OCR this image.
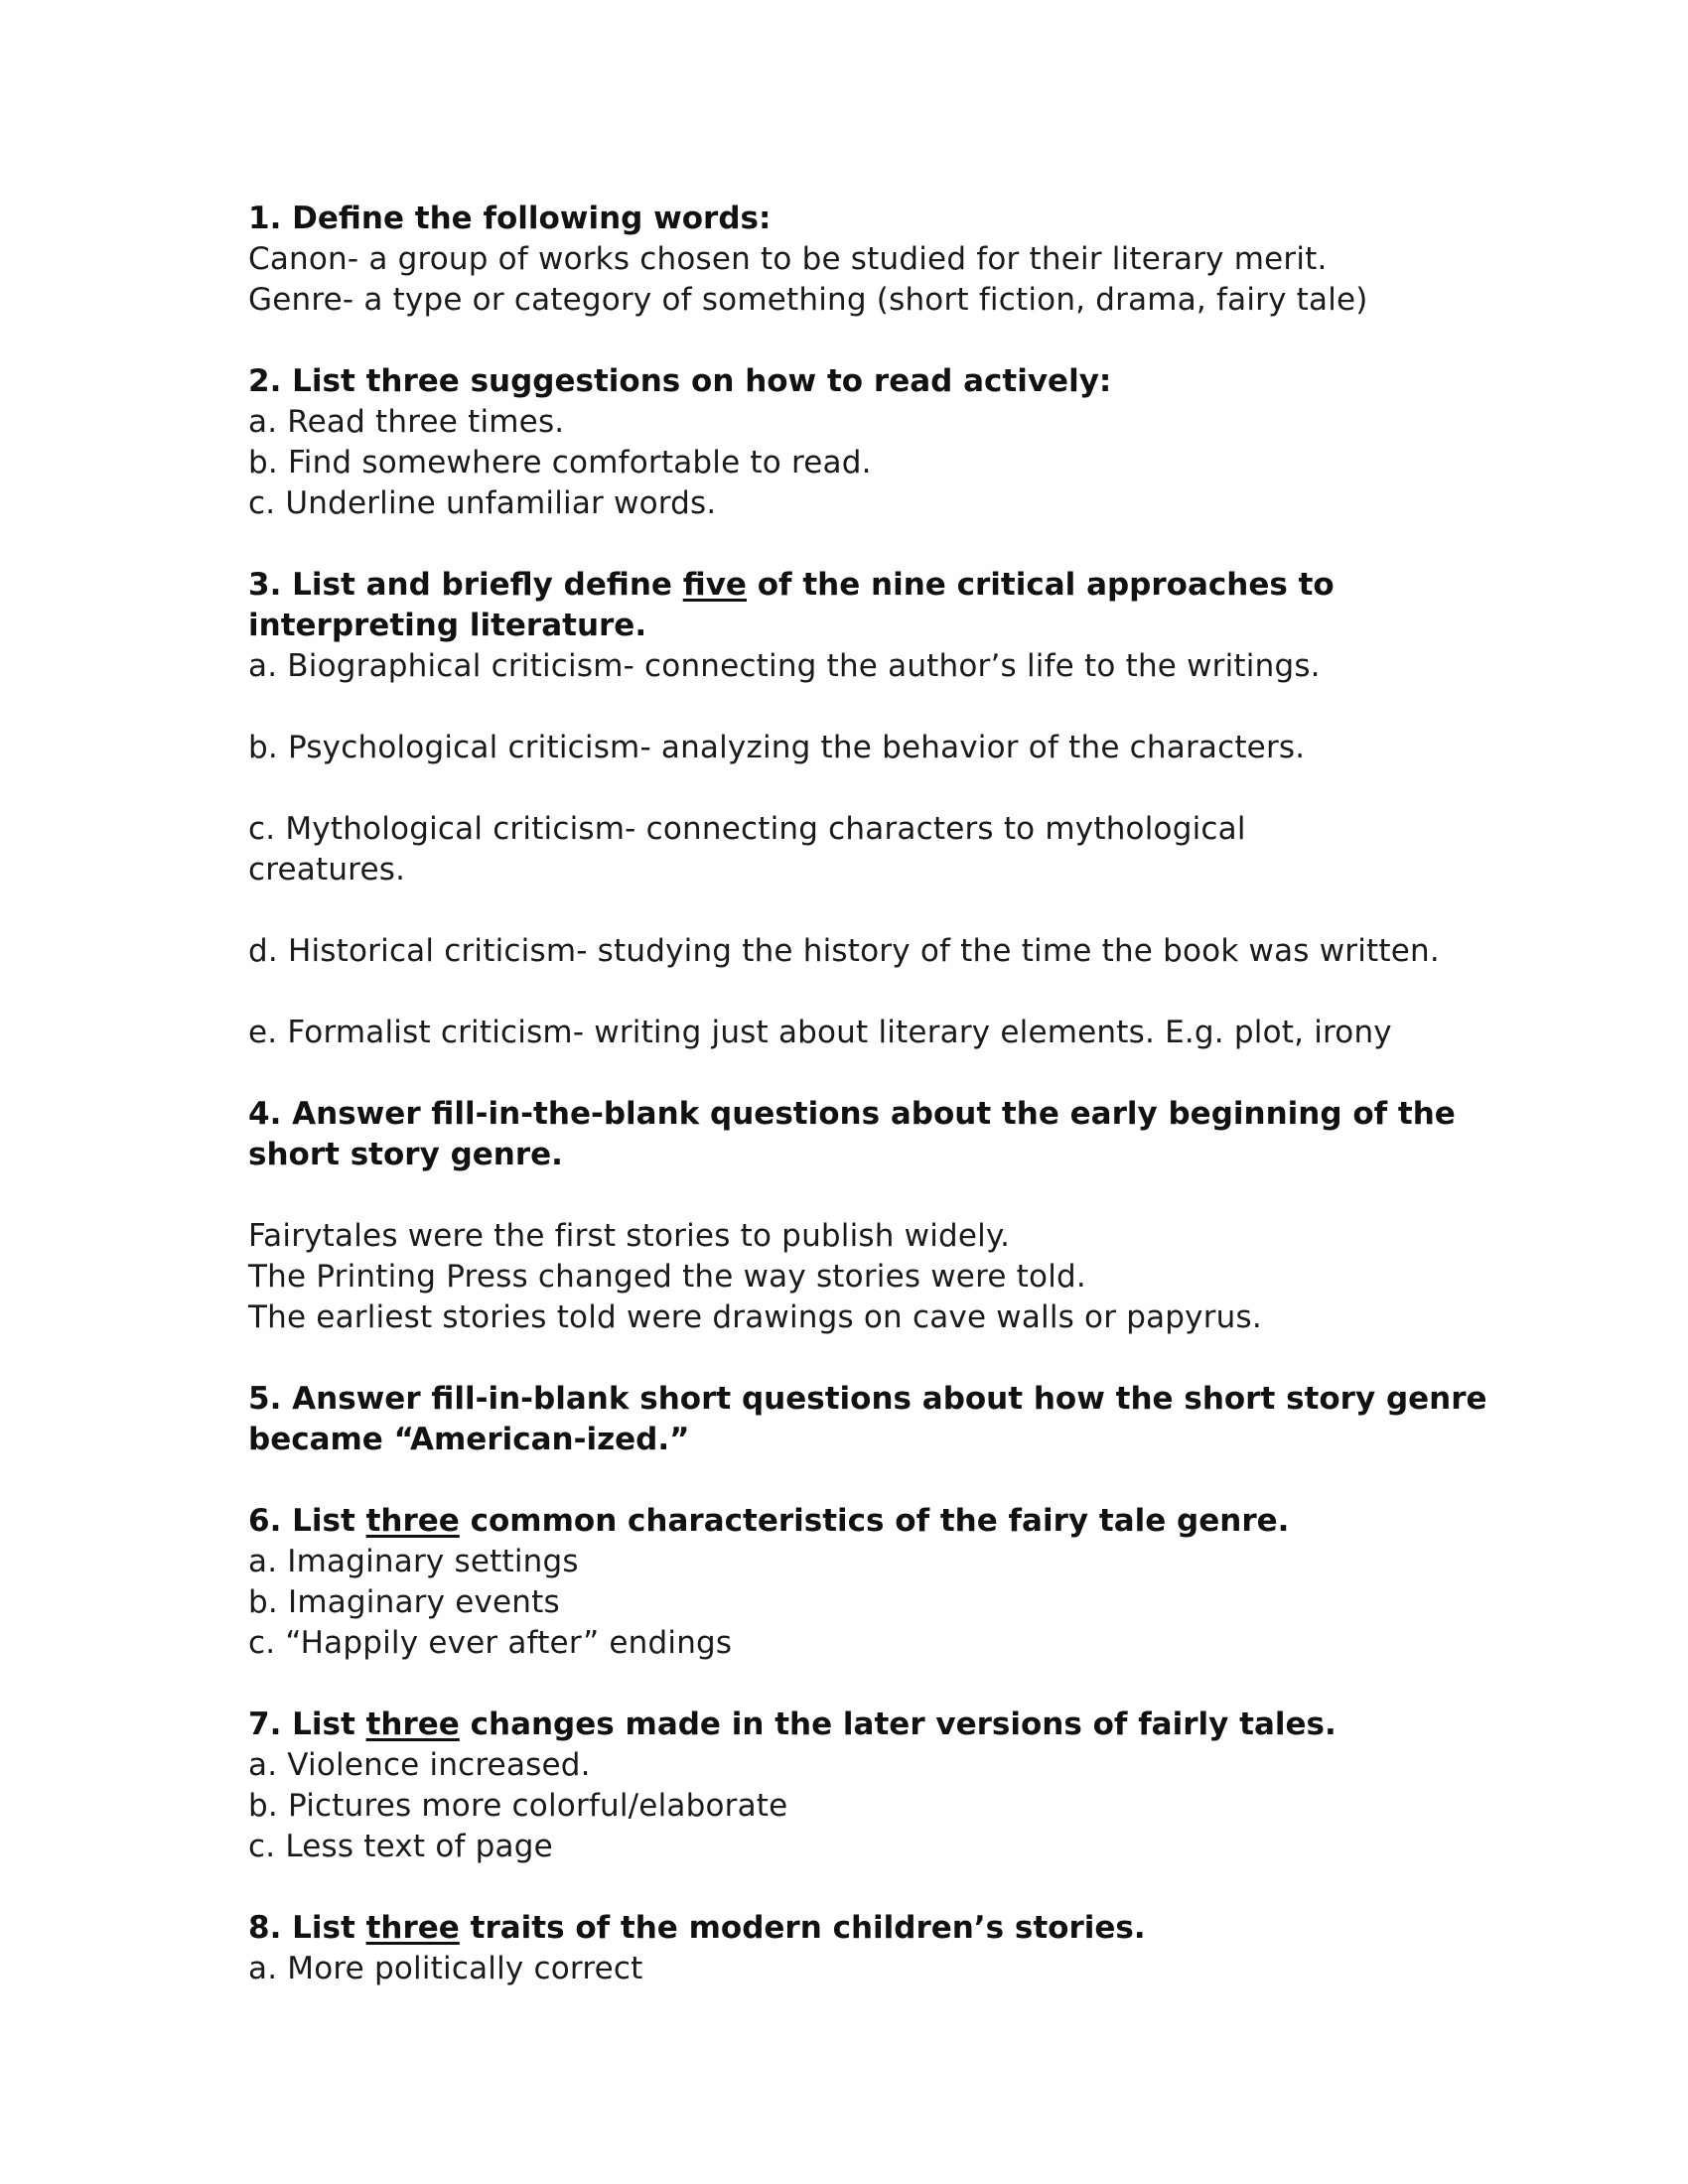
1. Define the following words:
Canon- a group of works chosen to be studied for their literary merit.
Genre- a type or category of something (short fiction, drama, fairy tale)
2. List three suggestions on how to read actively:
a. Read three times.
b. Find somewhere comfortable to read.
c. Underline unfamiliar words.
3. List and briefly define five of the nine critical approaches to interpreting literature.
a. Biographical criticism- connecting the author’s life to the writings.
b. Psychological criticism- analyzing the behavior of the characters.
c. Mythological criticism- connecting characters to mythological creatures.
d. Historical criticism- studying the history of the time the book was written.
e. Formalist criticism- writing just about literary elements. E.g. plot, irony
4. Answer fill-in-the-blank questions about the early beginning of the short story genre.
Fairytales were the first stories to publish widely.
The Printing Press changed the way stories were told.
The earliest stories told were drawings on cave walls or papyrus.
5. Answer fill-in-blank short questions about how the short story genre became “American-ized.”
6. List three common characteristics of the fairy tale genre.
a. Imaginary settings
b. Imaginary events
c. “Happily ever after” endings
7. List three changes made in the later versions of fairly tales.
a. Violence increased.
b. Pictures more colorful/elaborate
c. Less text of page
8. List three traits of the modern children’s stories.
a. More politically correct
